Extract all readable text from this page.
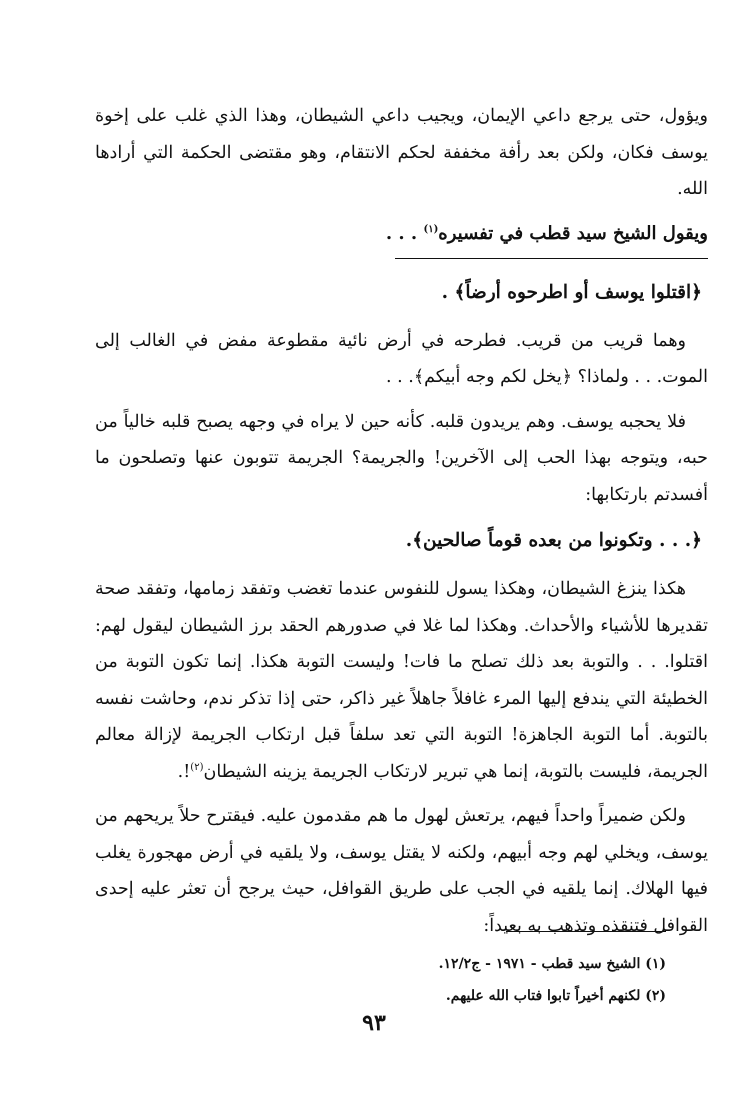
ويؤول، حتى يرجع داعي الإيمان، ويجيب داعي الشيطان، وهذا الذي غلب على إخوة يوسف فكان، ولكن بعد رأفة مخففة لحكم الانتقام، وهو مقتضى الحكمة التي أرادها الله.

ويقول الشيخ سيد قطب في تفسيره$^{(١)}$ . . .

﴿اقتلوا يوسف أو اطرحوه أرضاً﴾ .

وهما قريب من قريب. فطرحه في أرض نائية مقطوعة مفض في الغالب إلى الموت. . . ولماذا؟ ﴿يخل لكم وجه أبيكم﴾. . .

فلا يحجبه يوسف. وهم يريدون قلبه. كأنه حين لا يراه في وجهه يصبح قلبه خالياً من حبه، ويتوجه بهذا الحب إلى الآخرين! والجريمة؟ الجريمة تتوبون عنها وتصلحون ما أفسدتم بارتكابها:

﴿. . . وتكونوا من بعده قوماً صالحين﴾.

هكذا ينزغ الشيطان، وهكذا يسول للنفوس عندما تغضب وتفقد زمامها، وتفقد صحة تقديرها للأشياء والأحداث. وهكذا لما غلا في صدورهم الحقد برز الشيطان ليقول لهم: اقتلوا. . . والتوبة بعد ذلك تصلح ما فات! وليست التوبة هكذا. إنما تكون التوبة من الخطيئة التي يندفع إليها المرء غافلاً جاهلاً غير ذاكر، حتى إذا تذكر ندم، وحاشت نفسه بالتوبة. أما التوبة الجاهزة! التوبة التي تعد سلفاً قبل ارتكاب الجريمة لإزالة معالم الجريمة، فليست بالتوبة، إنما هي تبرير لارتكاب الجريمة يزينه الشيطان$^{(٢)}$!.

ولكن ضميراً واحداً فيهم، يرتعش لهول ما هم مقدمون عليه. فيقترح حلاً يريحهم من يوسف، ويخلي لهم وجه أبيهم، ولكنه لا يقتل يوسف، ولا يلقيه في أرض مهجورة يغلب فيها الهلاك. إنما يلقيه في الجب على طريق القوافل، حيث يرجح أن تعثر عليه إحدى القوافل فتنقذه وتذهب به بعيداً:

(١) الشيخ سيد قطب - ١٩٧١ - ج١٢/٢.

(٢) لكنهم أخيراً تابوا فتاب الله عليهم.

٩٣
